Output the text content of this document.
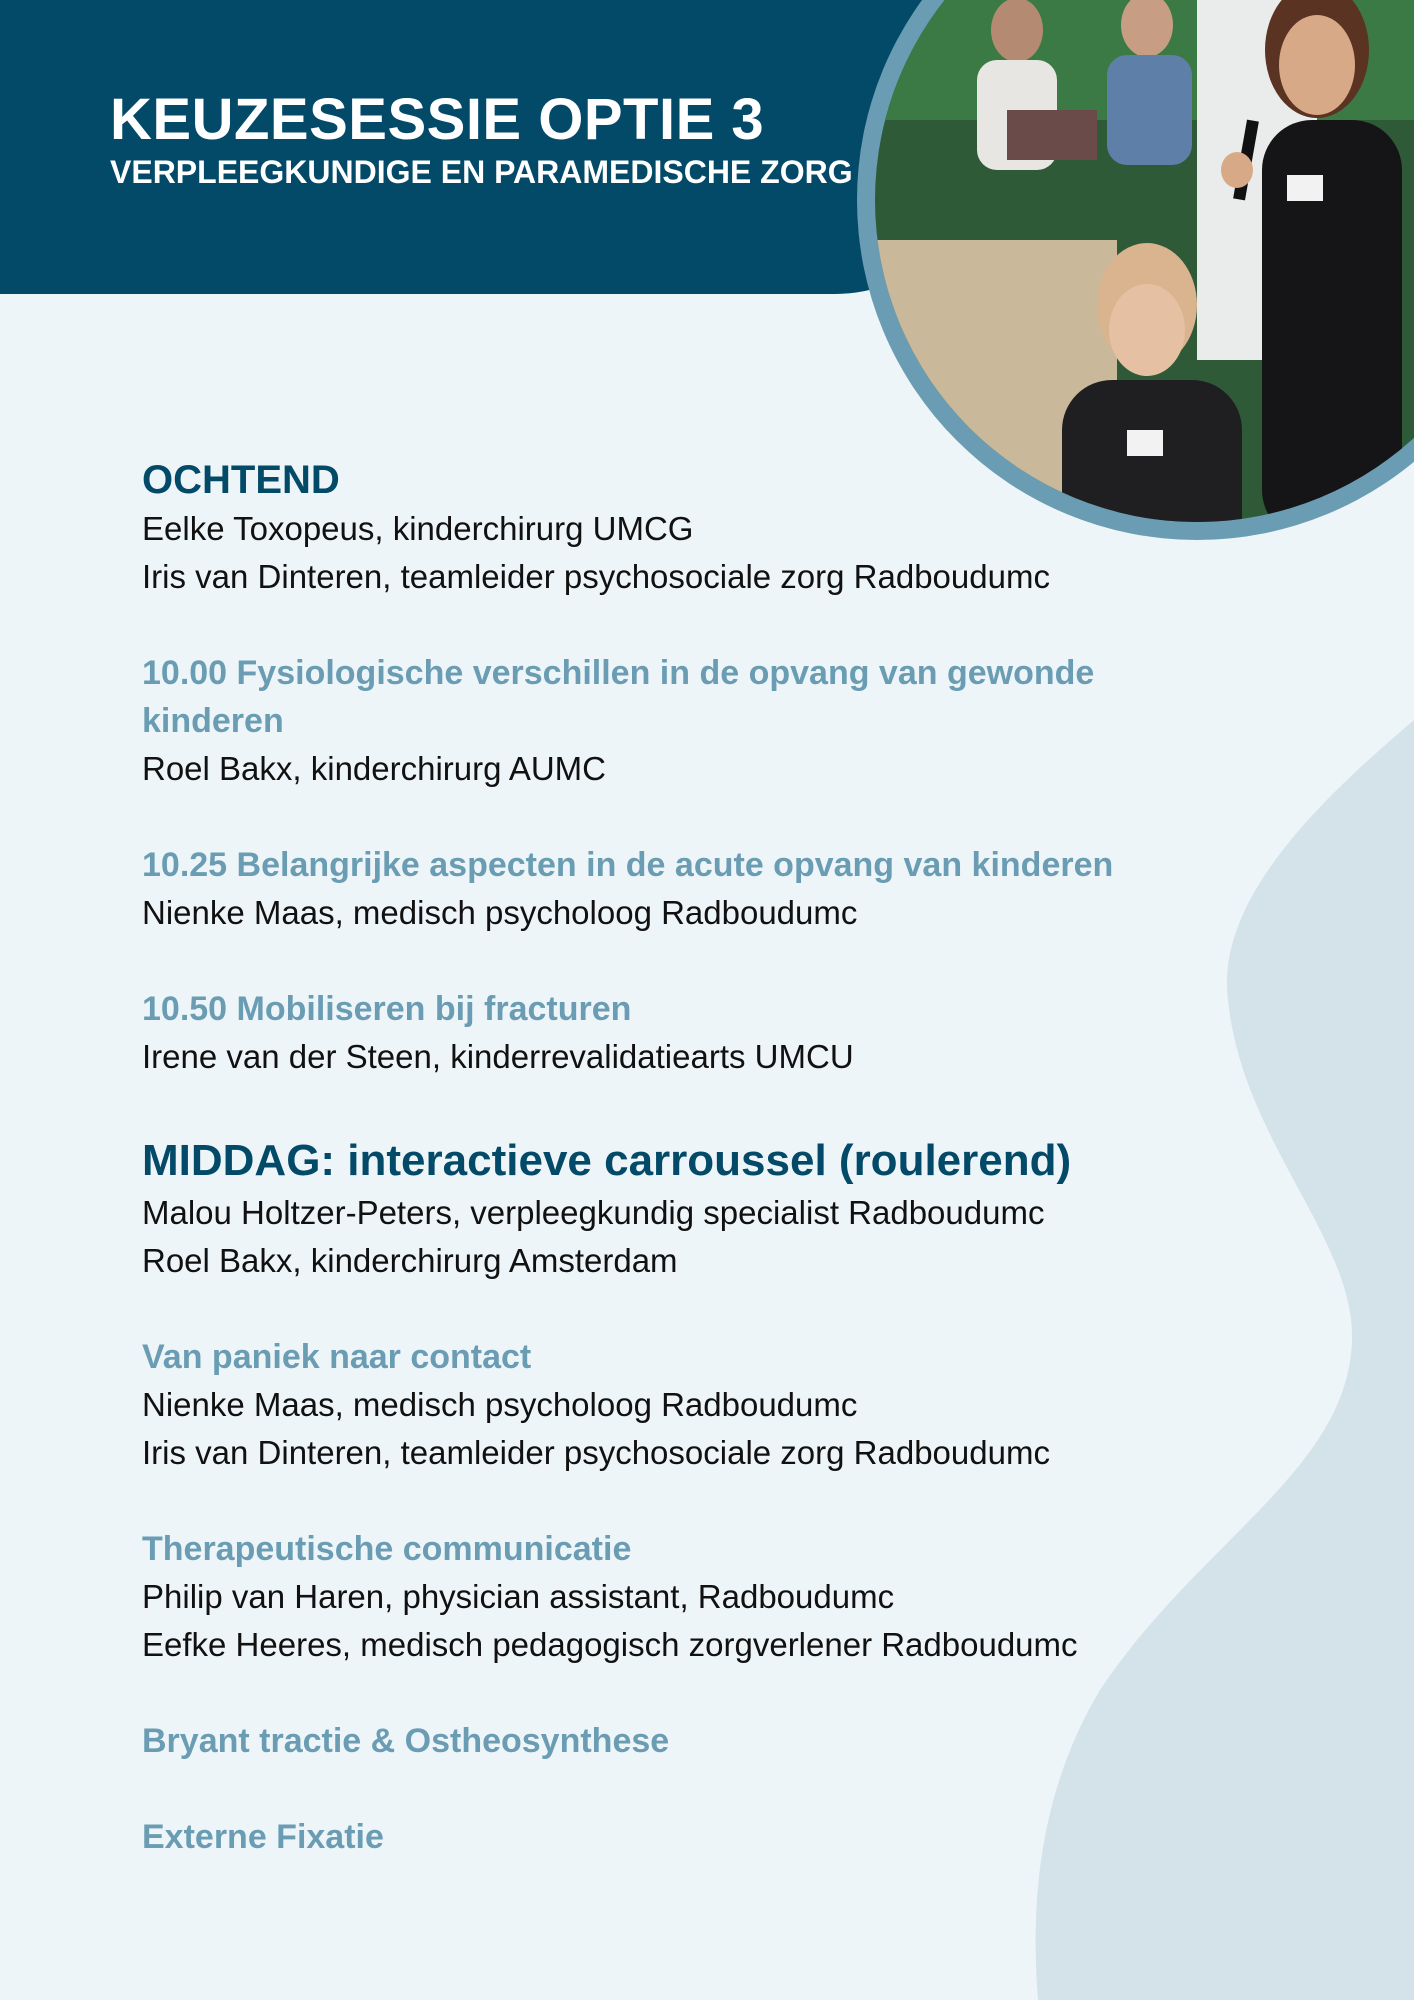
KEUZESESSIE OPTIE 3
VERPLEEGKUNDIGE EN PARAMEDISCHE ZORG

OCHTEND

Eelke Toxopeus, kinderchirurg UMCG

Iris van Dinteren, teamleider psychosociale zorg Radboudumc

10.00 Fysiologische verschillen in de opvang van gewonde

kinderen

Roel Bakx, kinderchirurg AUMC

10.25 Belangrijke aspecten in de acute opvang van kinderen

Nienke Maas, medisch psycholoog Radboudumc

10.50 Mobiliseren bij fracturen

Irene van der Steen, kinderrevalidatiearts UMCU

MIDDAG: interactieve carroussel (roulerend)

Malou Holtzer-Peters, verpleegkundig specialist Radboudumc

Roel Bakx, kinderchirurg Amsterdam

Van paniek naar contact

Nienke Maas, medisch psycholoog Radboudumc

Iris van Dinteren, teamleider psychosociale zorg Radboudumc

Therapeutische communicatie

Philip van Haren, physician assistant, Radboudumc

Eefke Heeres, medisch pedagogisch zorgverlener Radboudumc

Bryant tractie & Ostheosynthese

Externe Fixatie
